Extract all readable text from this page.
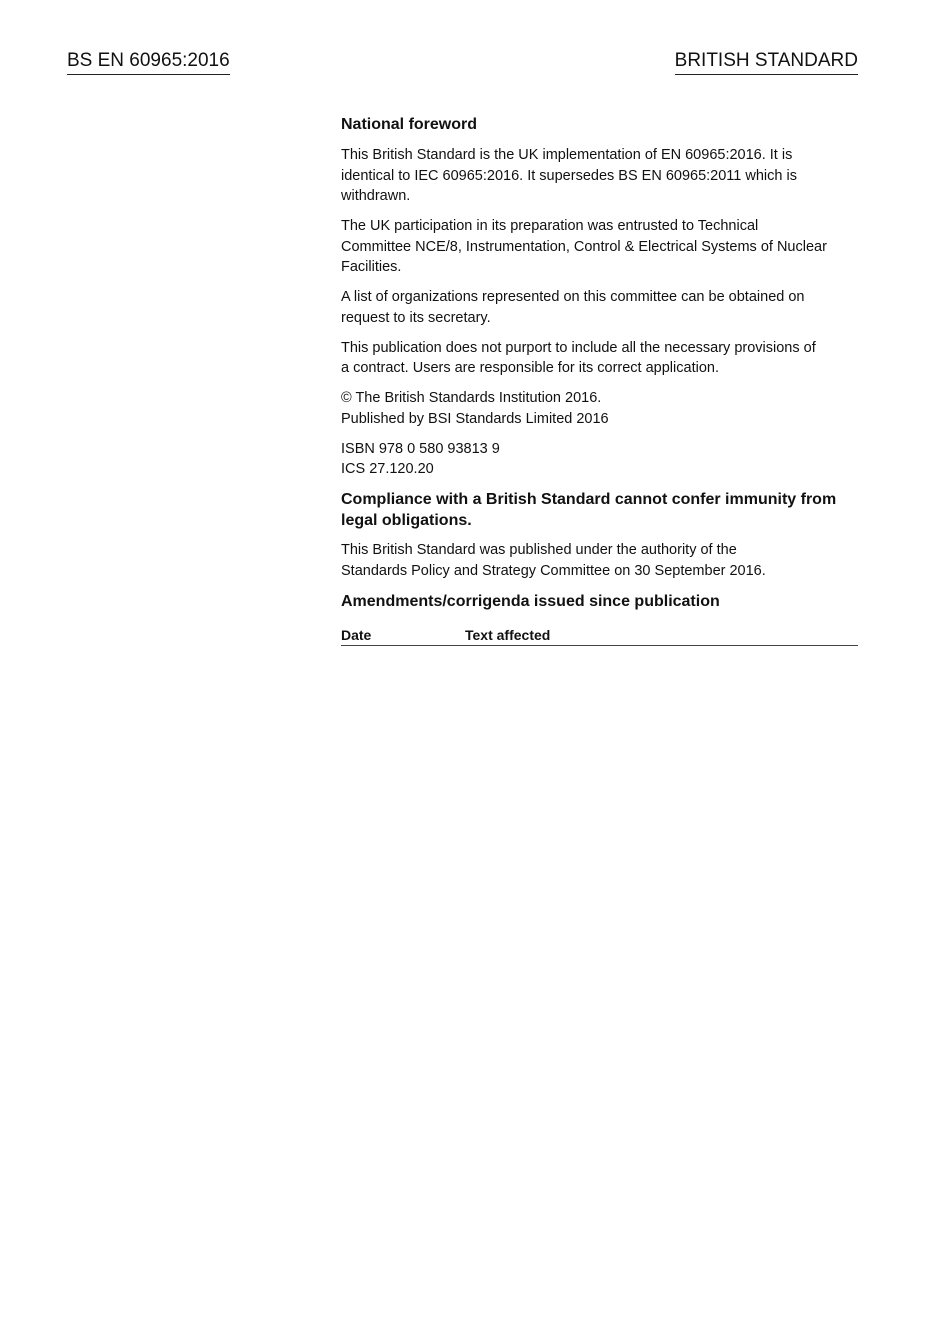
BS EN 60965:2016	BRITISH STANDARD
National foreword

This British Standard is the UK implementation of EN 60965:2016. It is
identical to IEC 60965:2016. It supersedes BS EN 60965:2011 which is
withdrawn.

The UK participation in its preparation was entrusted to Technical
Committee NCE/8, Instrumentation, Control & Electrical Systems of Nuclear
Facilities.

A list of organizations represented on this committee can be obtained on
request to its secretary.

This publication does not purport to include all the necessary provisions of
a contract. Users are responsible for its correct application.

© The British Standards Institution 2016.
Published by BSI Standards Limited 2016

ISBN 978 0 580 93813 9
ICS 27.120.20

Compliance with a British Standard cannot confer immunity from
legal obligations.

This British Standard was published under the authority of the
Standards Policy and Strategy Committee on 30 September 2016.

Amendments/corrigenda issued since publication
Date	Text affected
